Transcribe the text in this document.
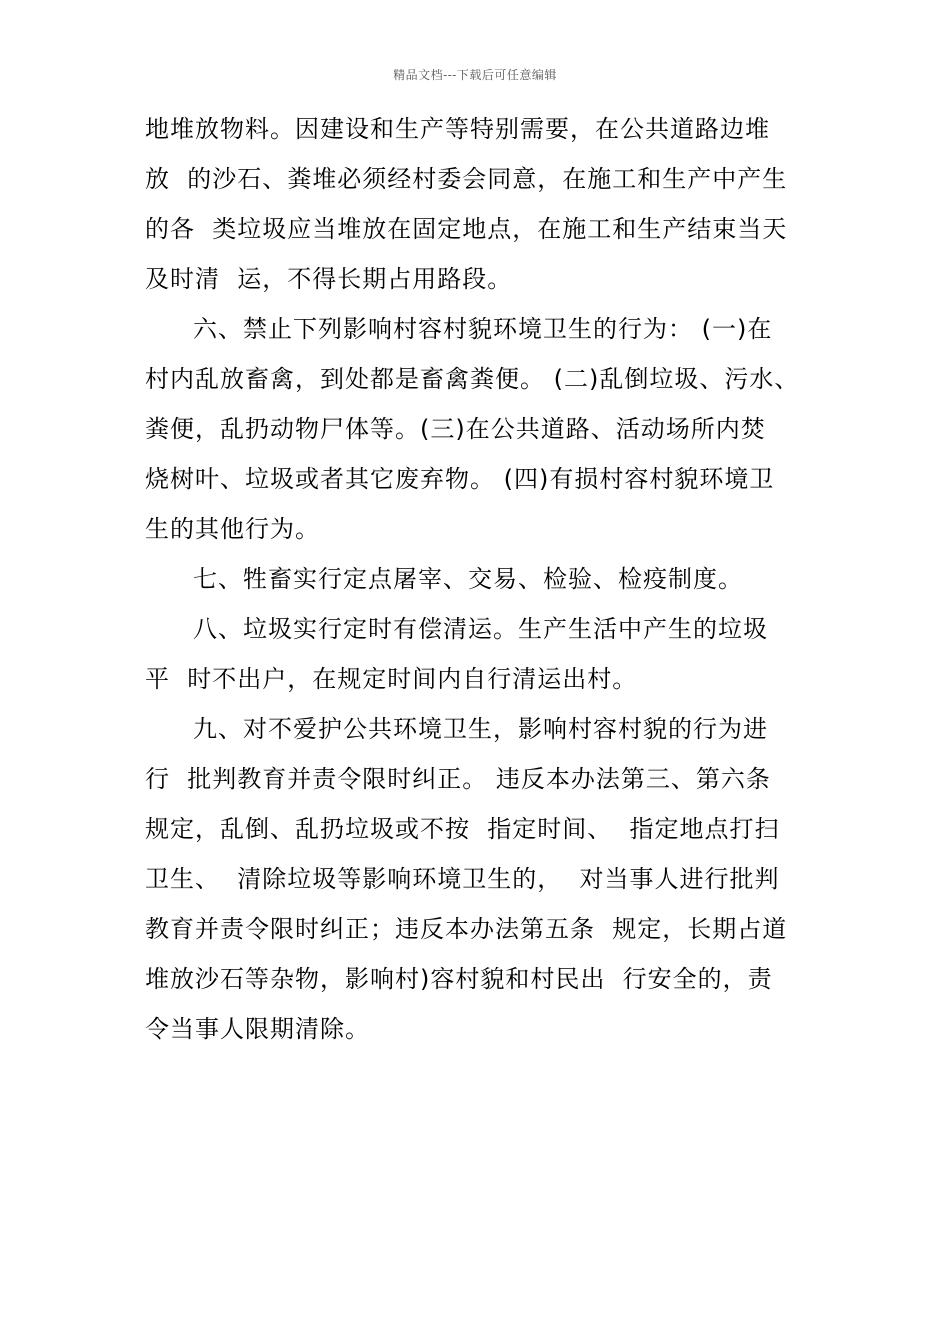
精品文档---下载后可任意编辑
地堆放物料。因建设和生产等特别需要，在公共道路边堆
放  的沙石、粪堆必须经村委会同意，在施工和生产中产生
的各  类垃圾应当堆放在固定地点，在施工和生产结束当天
及时清  运，不得长期占用路段。
六、禁止下列影响村容村貌环境卫生的行为： (一)在
村内乱放畜禽，到处都是畜禽粪便。 (二)乱倒垃圾、污水、
粪便，乱扔动物尸体等。(三)在公共道路、活动场所内焚
烧树叶、垃圾或者其它废弃物。 (四)有损村容村貌环境卫
生的其他行为。
七、牲畜实行定点屠宰、交易、检验、检疫制度。
八、垃圾实行定时有偿清运。生产生活中产生的垃圾
平  时不出户，在规定时间内自行清运出村。
九、对不爱护公共环境卫生，影响村容村貌的行为进
行  批判教育并责令限时纠正。 违反本办法第三、第六条
规定，乱倒、乱扔垃圾或不按  指定时间、  指定地点打扫
卫生、  清除垃圾等影响环境卫生的，  对当事人进行批判
教育并责令限时纠正；违反本办法第五条  规定，长期占道
堆放沙石等杂物，影响村)容村貌和村民出  行安全的，责
令当事人限期清除。
